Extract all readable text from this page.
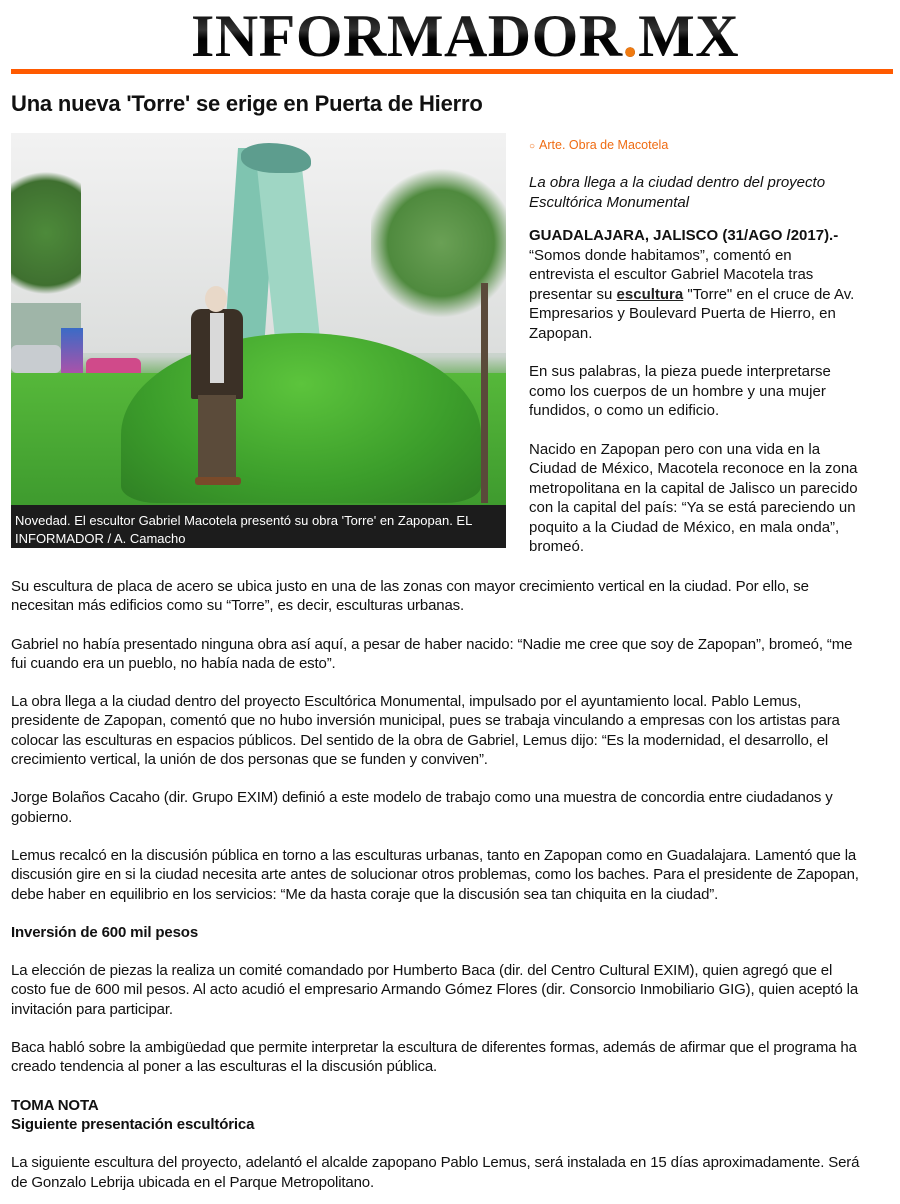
INFORMADOR.MX
Una nueva 'Torre' se erige en Puerta de Hierro
Novedad. El escultor Gabriel Macotela presentó su obra 'Torre' en Zapopan. EL INFORMADOR / A. Camacho
○ Arte. Obra de Macotela
La obra llega a la ciudad dentro del proyecto Escultórica Monumental

GUADALAJARA, JALISCO (31/AGO /2017).- “Somos donde habitamos”, comentó en entrevista el escultor Gabriel Macotela tras presentar su escultura "Torre" en el cruce de Av. Empresarios y Boulevard Puerta de Hierro, en Zapopan.

En sus palabras, la pieza puede interpretarse como los cuerpos de un hombre y una mujer fundidos, o como un edificio.

Nacido en Zapopan pero con una vida en la Ciudad de México, Macotela reconoce en la zona metropolitana en la capital de Jalisco un parecido con la capital del país: “Ya se está pareciendo un poquito a la Ciudad de México, en mala onda”, bromeó.

Su escultura de placa de acero se ubica justo en una de las zonas con mayor crecimiento vertical en la ciudad. Por ello, se necesitan más edificios como su “Torre”, es decir, esculturas urbanas.

Gabriel no había presentado ninguna obra así aquí, a pesar de haber nacido: “Nadie me cree que soy de Zapopan”, bromeó, “me fui cuando era un pueblo, no había nada de esto”.

La obra llega a la ciudad dentro del proyecto Escultórica Monumental, impulsado por el ayuntamiento local. Pablo Lemus, presidente de Zapopan, comentó que no hubo inversión municipal, pues se trabaja vinculando a empresas con los artistas para colocar las esculturas en espacios públicos. Del sentido de la obra de Gabriel, Lemus dijo: “Es la modernidad, el desarrollo, el crecimiento vertical, la unión de dos personas que se funden y conviven”.

Jorge Bolaños Cacaho (dir. Grupo EXIM) definió a este modelo de trabajo como una muestra de concordia entre ciudadanos y gobierno.

Lemus recalcó en la discusión pública en torno a las esculturas urbanas, tanto en Zapopan como en Guadalajara. Lamentó que la discusión gire en si la ciudad necesita arte antes de solucionar otros problemas, como los baches. Para el presidente de Zapopan, debe haber en equilibrio en los servicios: “Me da hasta coraje que la discusión sea tan chiquita en la ciudad”.

Inversión de 600 mil pesos

La elección de piezas la realiza un comité comandado por Humberto Baca (dir. del Centro Cultural EXIM), quien agregó que el costo fue de 600 mil pesos. Al acto acudió el empresario Armando Gómez Flores (dir. Consorcio Inmobiliario GIG), quien aceptó la invitación para participar.

Baca habló sobre la ambigüedad que permite interpretar la escultura de diferentes formas, además de afirmar que el programa ha creado tendencia al poner a las esculturas el la discusión pública.

TOMA NOTA

Siguiente presentación escultórica

La siguiente escultura del proyecto, adelantó el alcalde zapopano Pablo Lemus, será instalada en 15 días aproximadamente. Será de Gonzalo Lebrija ubicada en el Parque Metropolitano.
